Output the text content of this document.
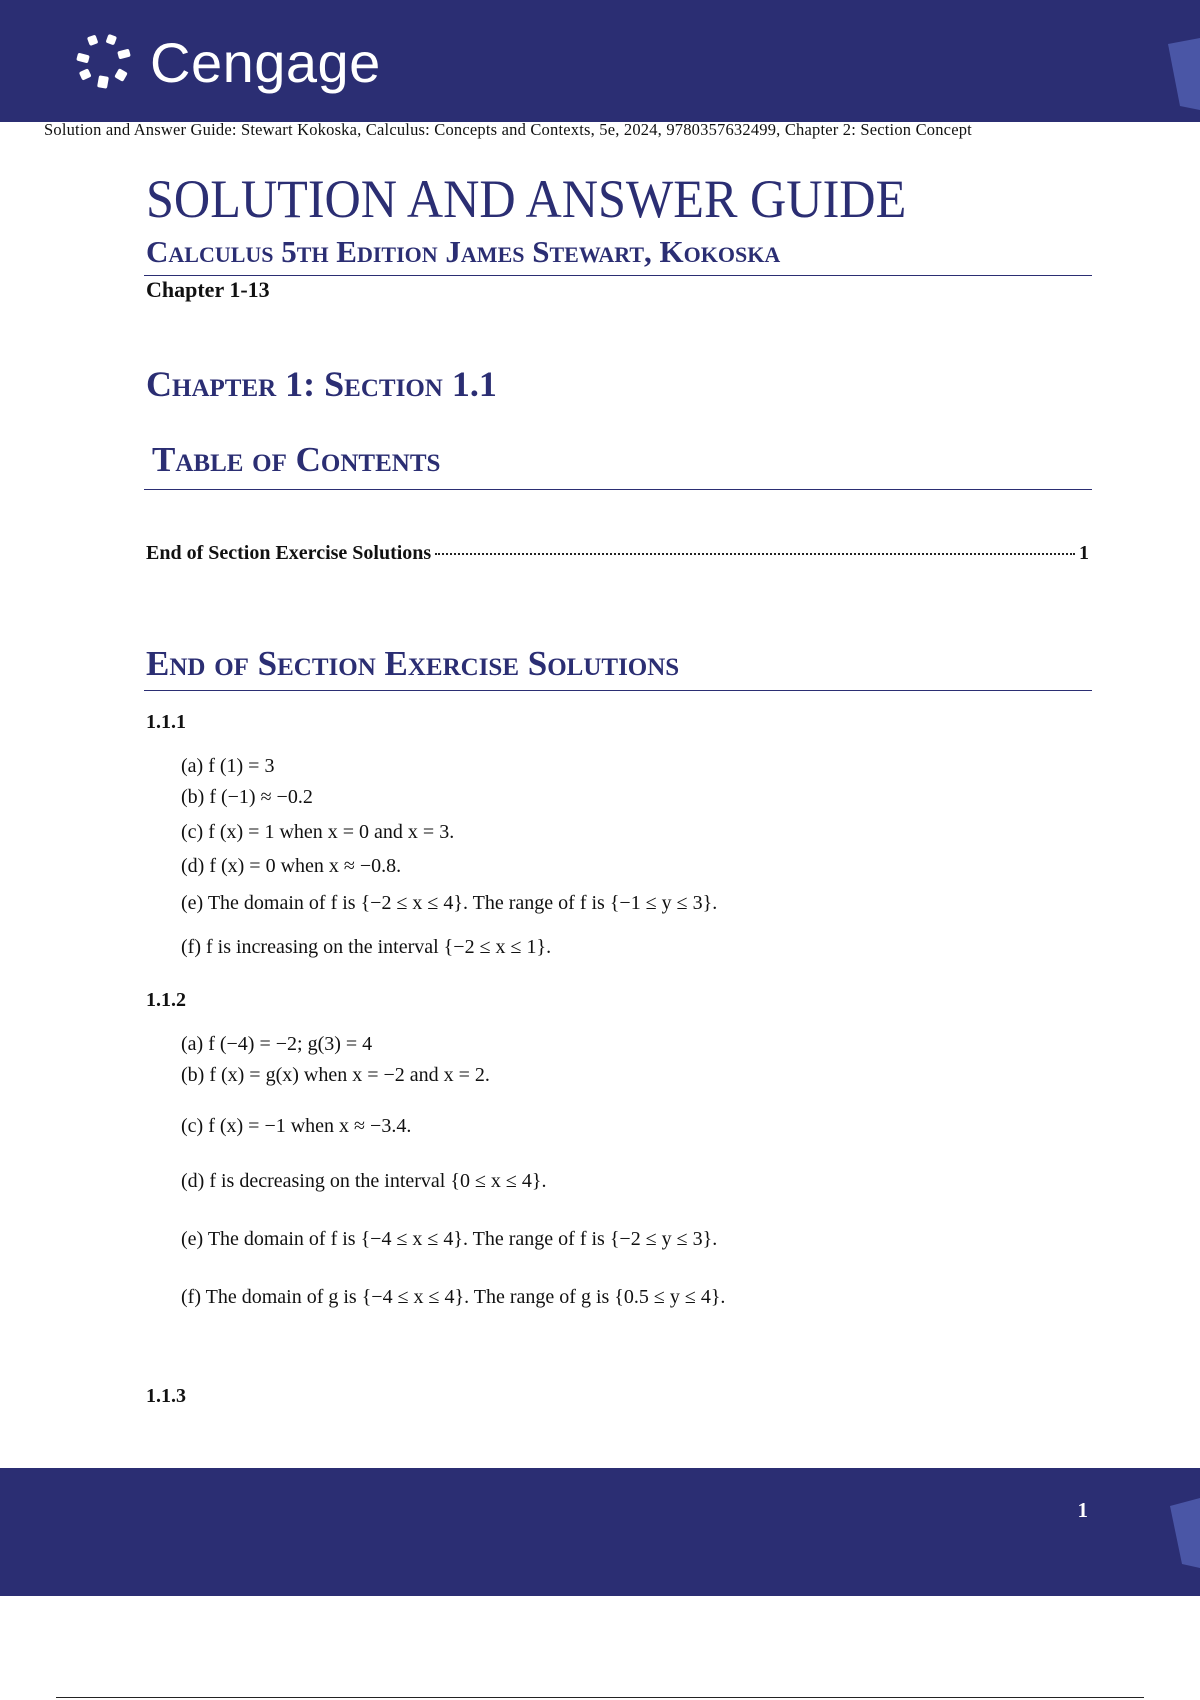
Cengage
Solution and Answer Guide: Stewart Kokoska, Calculus: Concepts and Contexts, 5e, 2024, 9780357632499, Chapter 2: Section Concept
SOLUTION AND ANSWER GUIDE
Calculus 5th Edition James Stewart, Kokoska
Chapter 1-13
Chapter 1: Section 1.1
Table of Contents
End of Section Exercise Solutions	1
End of Section Exercise Solutions
1.1.1
(a) f (1) = 3
(b) f (−1) ≈ −0.2
(c) f (x) = 1 when x = 0 and x = 3.
(d) f (x) = 0 when x ≈ −0.8.
(e) The domain of f is {−2 ≤ x ≤ 4}. The range of f is {−1 ≤ y ≤ 3}.
(f) f is increasing on the interval {−2 ≤ x ≤ 1}.
1.1.2
(a) f (−4) = −2; g(3) = 4
(b) f (x) = g(x) when x = −2 and x = 2.
(c) f (x) = −1 when x ≈ −3.4.
(d) f is decreasing on the interval {0 ≤ x ≤ 4}.
(e) The domain of f is {−4 ≤ x ≤ 4}. The range of f is {−2 ≤ y ≤ 3}.
(f) The domain of g is {−4 ≤ x ≤ 4}. The range of g is {0.5 ≤ y ≤ 4}.
1.1.3
1
